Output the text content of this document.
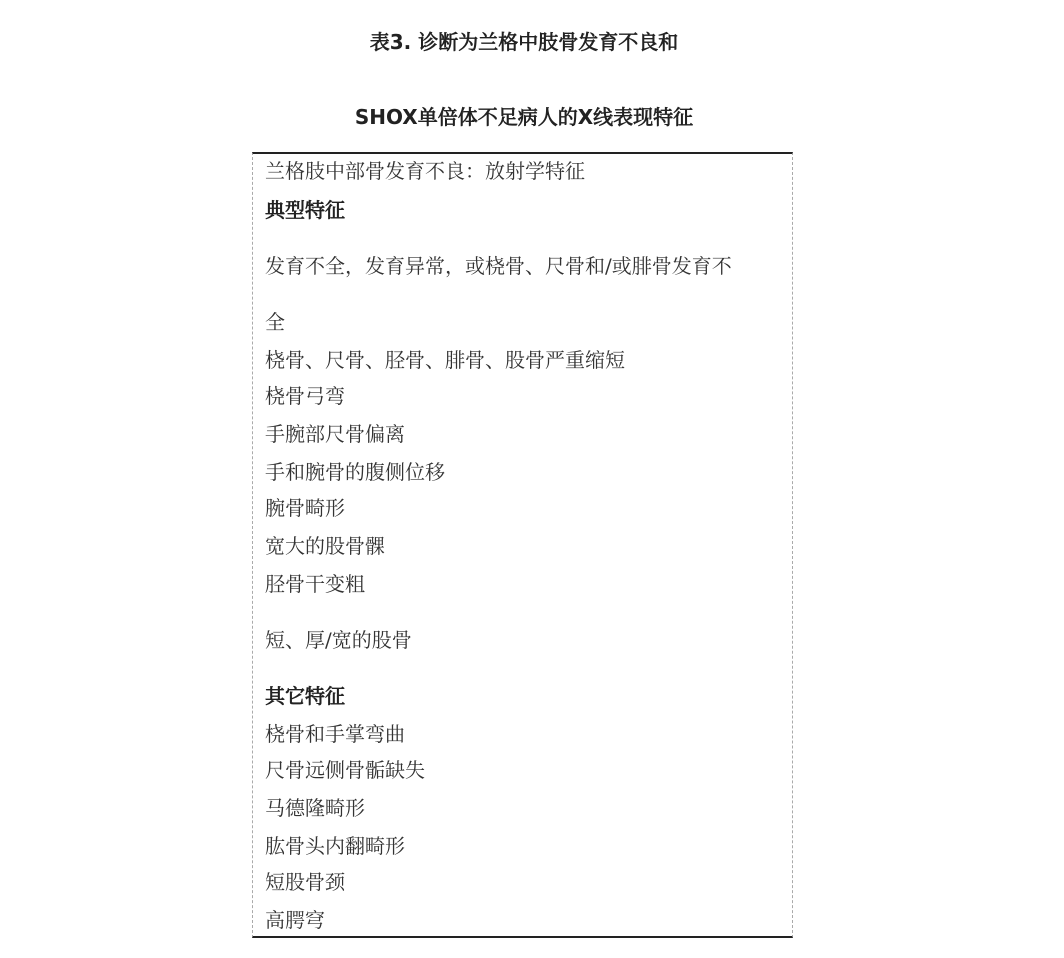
表3. 诊断为兰格中肢骨发育不良和
SHOX单倍体不足病人的X线表现特征
兰格肢中部骨发育不良：放射学特征
典型特征
发育不全，发育异常，或桡骨、尺骨和/或腓骨发育不
全
桡骨、尺骨、胫骨、腓骨、股骨严重缩短
桡骨弓弯
手腕部尺骨偏离
手和腕骨的腹侧位移
腕骨畸形
宽大的股骨髁
胫骨干变粗
短、厚/宽的股骨
其它特征
桡骨和手掌弯曲
尺骨远侧骨骺缺失
马德隆畸形
肱骨头内翻畸形
短股骨颈
高腭穹
